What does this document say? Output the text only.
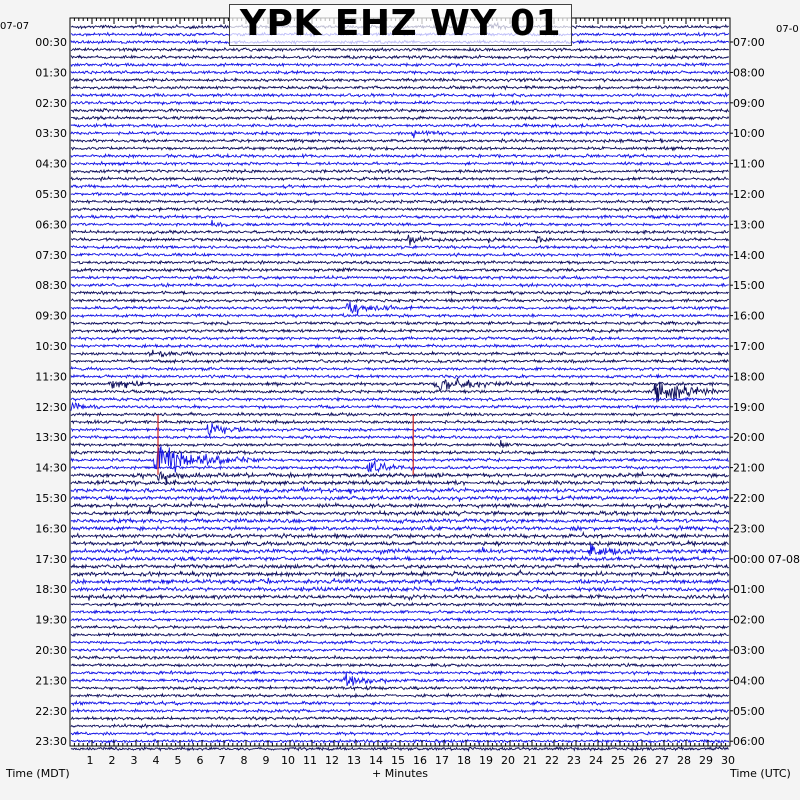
00:30
01:30
02:30
03:30
04:30
05:30
06:30
07:30
08:30
09:30
10:30
11:30
12:30
13:30
14:30
15:30
16:30
17:30
18:30
19:30
20:30
21:30
22:30
23:30
07:00
08:00
09:00
10:00
11:00
12:00
13:00
14:00
15:00
16:00
17:00
18:00
19:00
20:00
21:00
22:00
23:00
00:00
01:00
02:00
03:00
04:00
05:00
06:00
07-08
1 2 3 4 5 6 7 8 9 10 11 12 13 14 15 16 17 18 19 20 21 22 23 24 25 26 27 28 29 30
07-07	07-0
Time (MDT)	+ Minutes	Time (UTC)
YPK EHZ WY 01
